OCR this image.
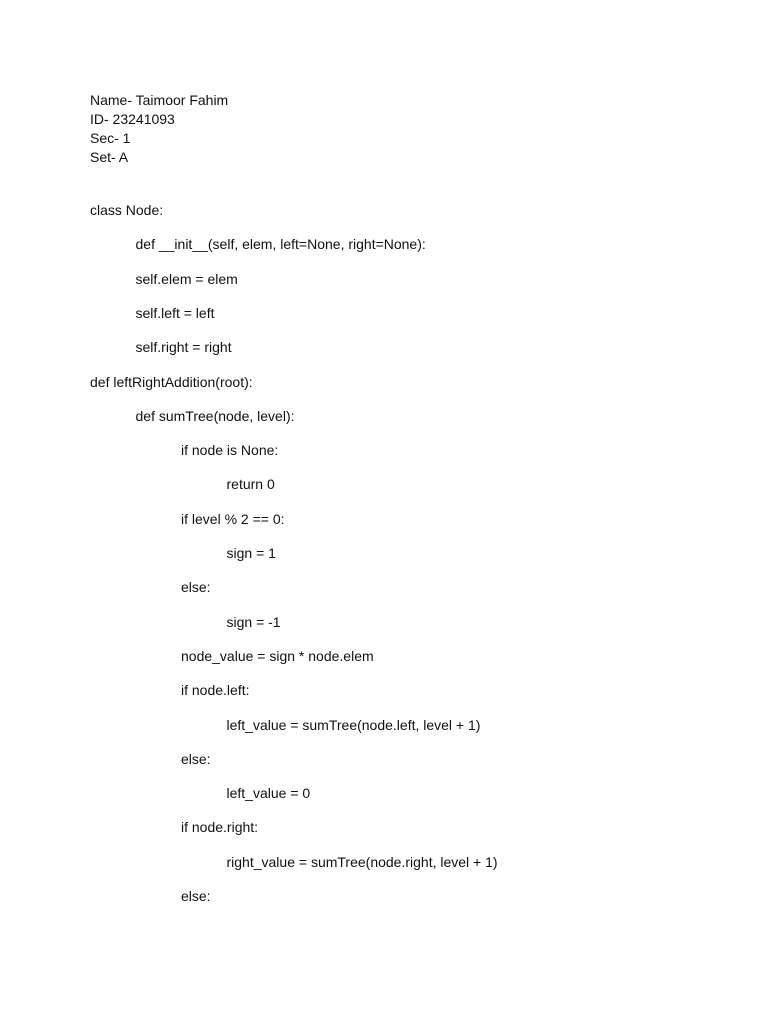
Name- Taimoor Fahim
ID- 23241093
Sec- 1
Set- A
class Node:
def __init__(self, elem, left=None, right=None):
self.elem = elem
self.left = left
self.right = right
def leftRightAddition(root):
def sumTree(node, level):
if node is None:
return 0
if level % 2 == 0:
sign = 1
else:
sign = -1
node_value = sign * node.elem
if node.left:
left_value = sumTree(node.left, level + 1)
else:
left_value = 0
if node.right:
right_value = sumTree(node.right, level + 1)
else:
